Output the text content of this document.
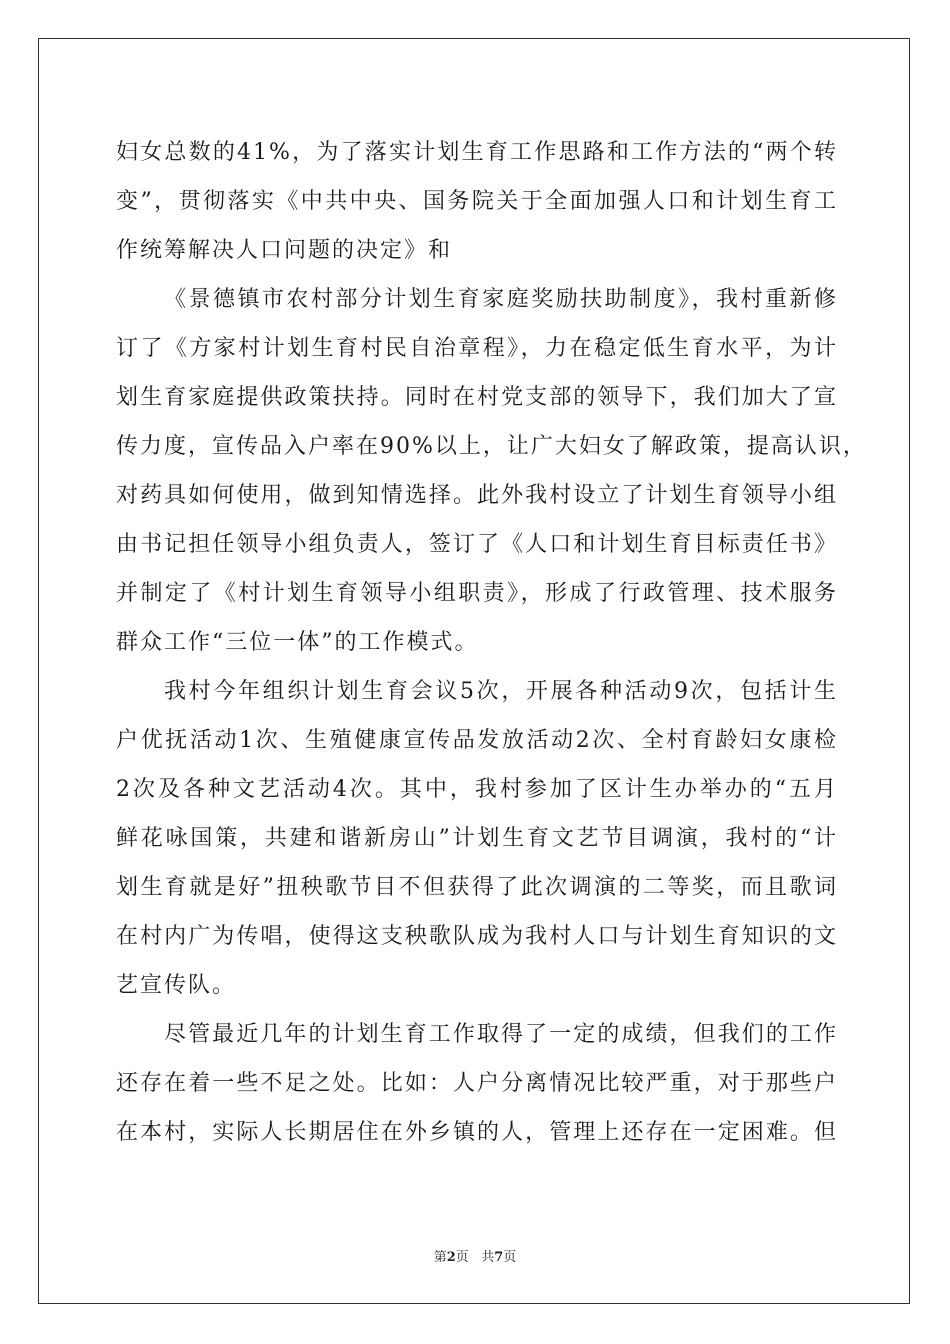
妇女总数的41%，为了落实计划生育工作思路和工作方法的“两个转
变”，贯彻落实《中共中央、国务院关于全面加强人口和计划生育工
作统筹解决人口问题的决定》和
《景德镇市农村部分计划生育家庭奖励扶助制度》，我村重新修
订了《方家村计划生育村民自治章程》，力在稳定低生育水平，为计
划生育家庭提供政策扶持。同时在村党支部的领导下，我们加大了宣
传力度，宣传品入户率在90%以上，让广大妇女了解政策，提高认识，
对药具如何使用，做到知情选择。此外我村设立了计划生育领导小组
由书记担任领导小组负责人，签订了《人口和计划生育目标责任书》
并制定了《村计划生育领导小组职责》，形成了行政管理、技术服务
群众工作“三位一体”的工作模式。
我村今年组织计划生育会议5次，开展各种活动9次，包括计生
户优抚活动1次、生殖健康宣传品发放活动2次、全村育龄妇女康检
2次及各种文艺活动4次。其中，我村参加了区计生办举办的“五月
鲜花咏国策，共建和谐新房山”计划生育文艺节目调演，我村的“计
划生育就是好”扭秧歌节目不但获得了此次调演的二等奖，而且歌词
在村内广为传唱，使得这支秧歌队成为我村人口与计划生育知识的文
艺宣传队。
尽管最近几年的计划生育工作取得了一定的成绩，但我们的工作
还存在着一些不足之处。比如：人户分离情况比较严重，对于那些户
在本村，实际人长期居住在外乡镇的人，管理上还存在一定困难。但
第2页 共7页
